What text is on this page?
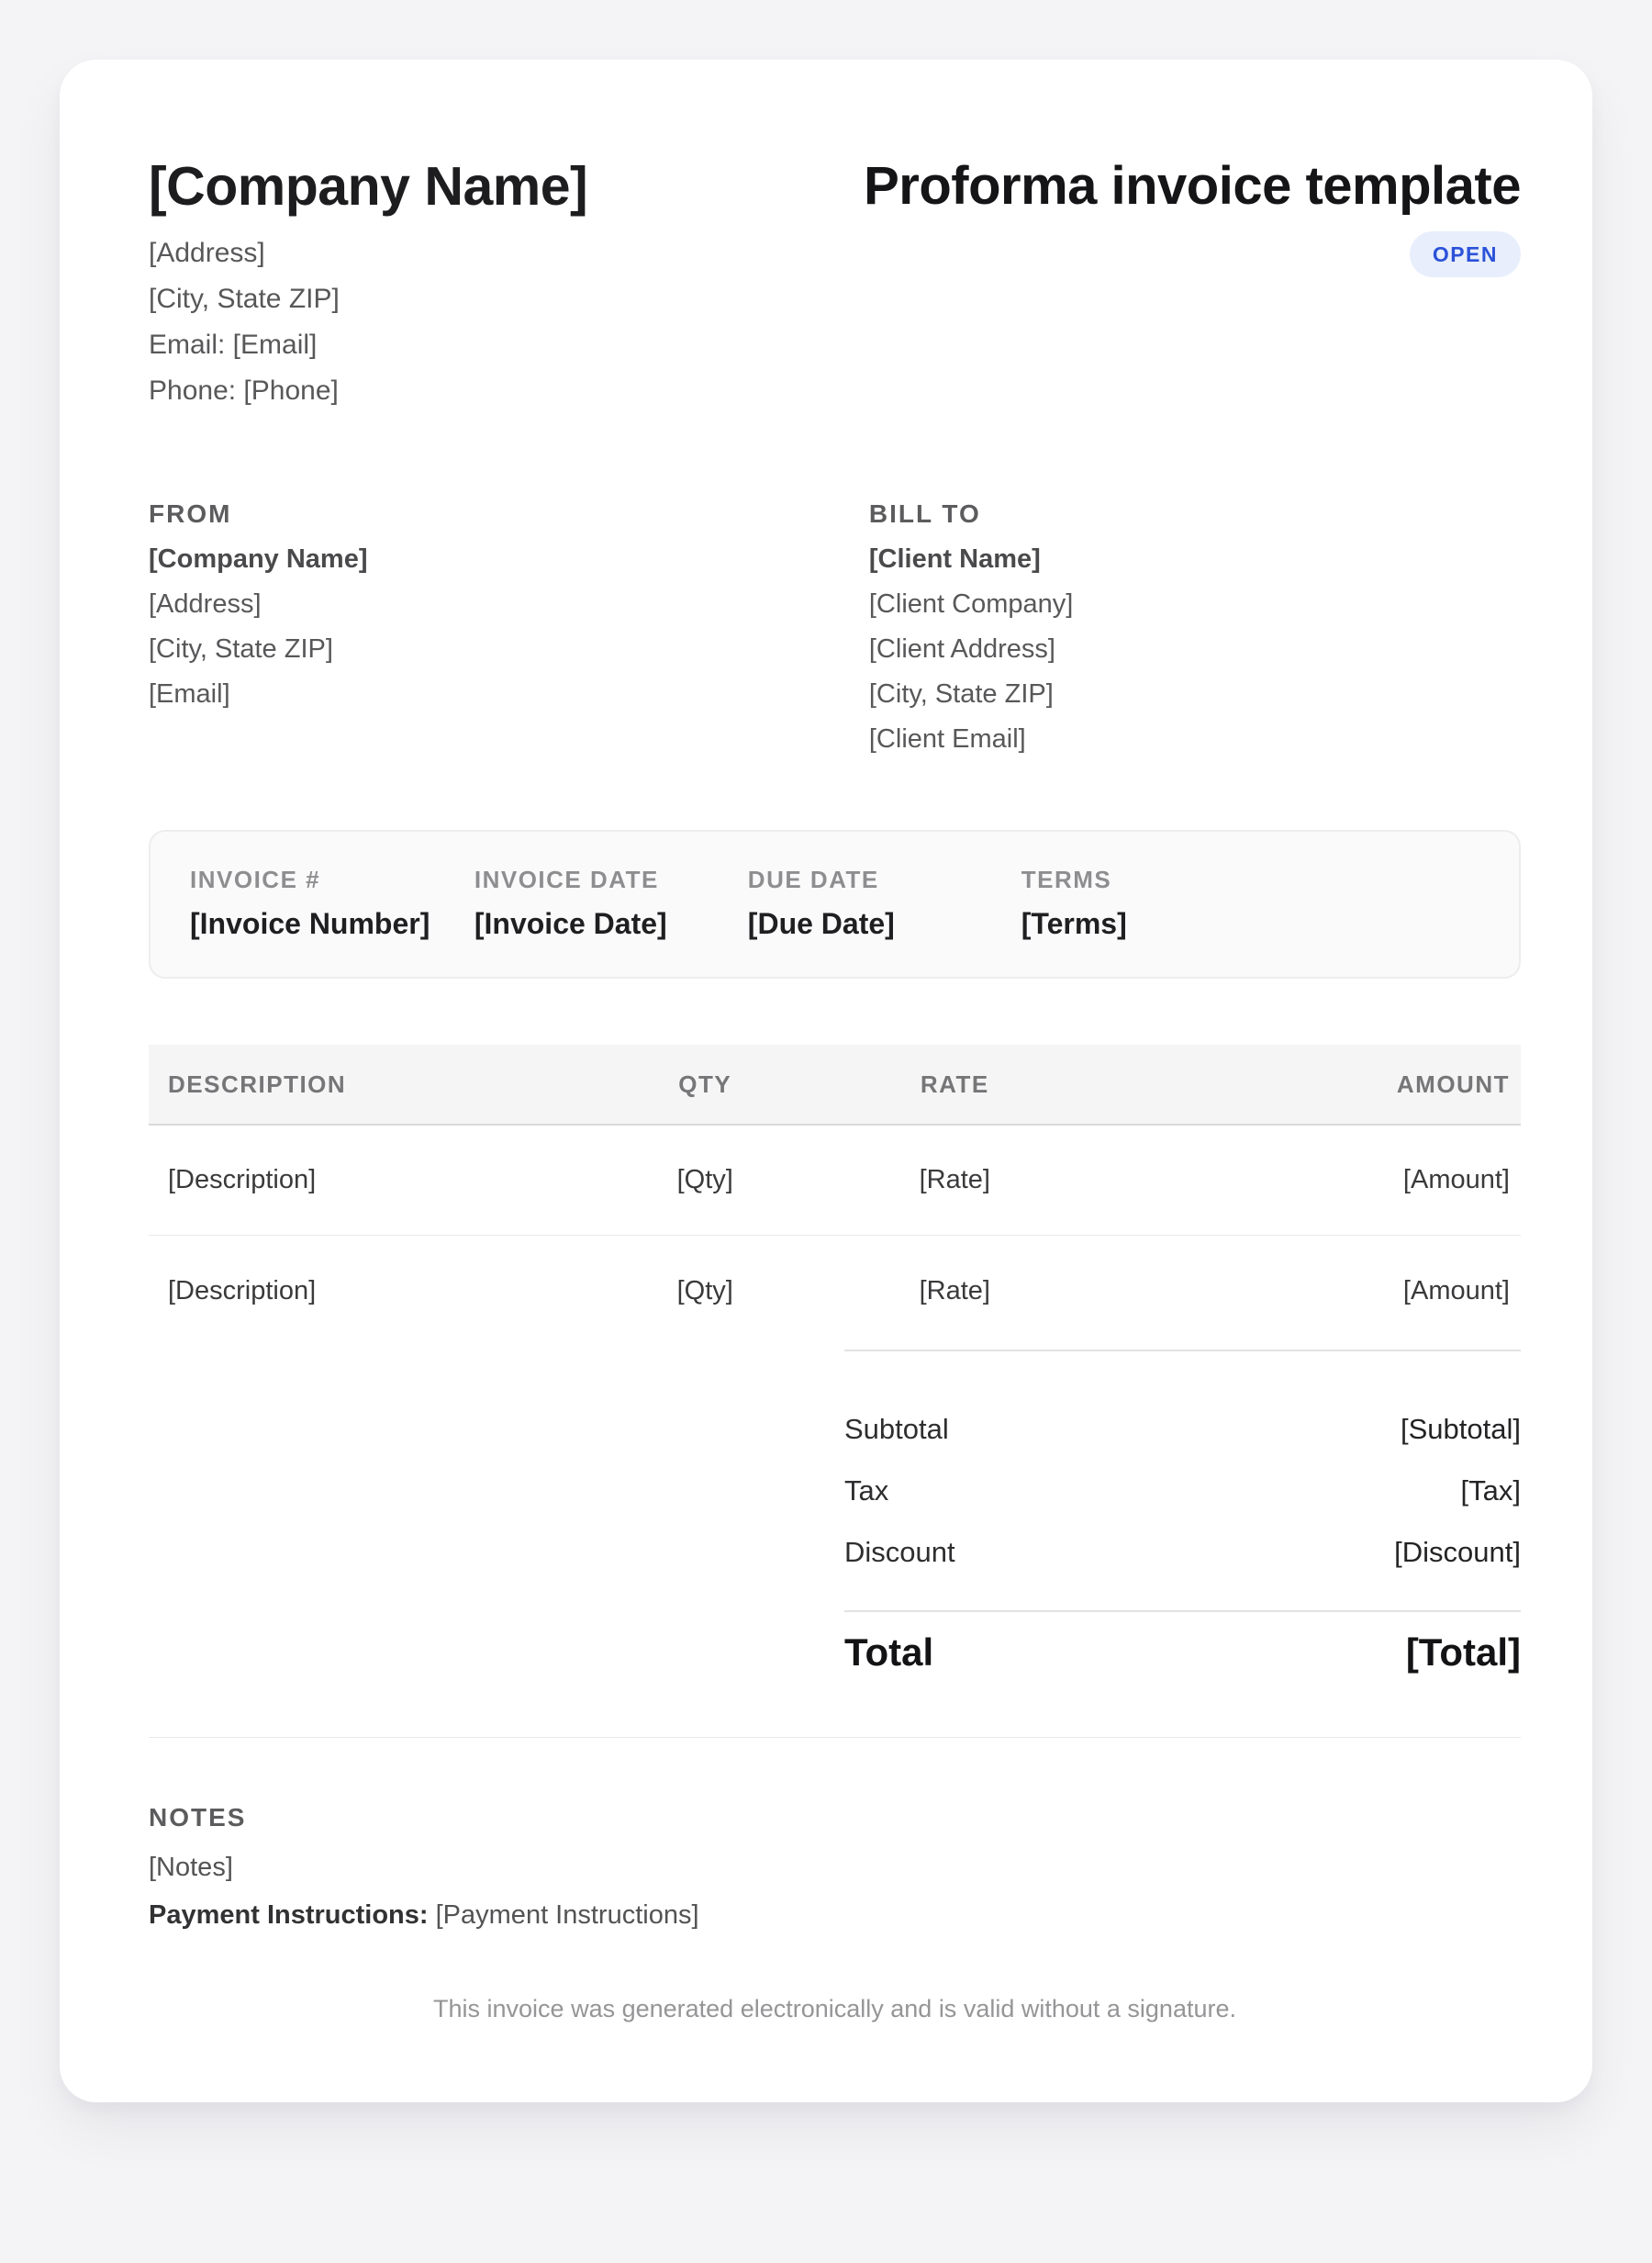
[Company Name]
[Address]
[City, State ZIP]
Email: [Email]
Phone: [Phone]
Proforma invoice template
OPEN
FROM
[Company Name]
[Address]
[City, State ZIP]
[Email]
BILL TO
[Client Name]
[Client Company]
[Client Address]
[City, State ZIP]
[Client Email]
INVOICE #
[Invoice Number]
INVOICE DATE
[Invoice Date]
DUE DATE
[Due Date]
TERMS
[Terms]
DESCRIPTION	QTY	RATE	AMOUNT
[Description]	[Qty]	[Rate]	[Amount]
[Description]	[Qty]	[Rate]	[Amount]
Subtotal	[Subtotal]
Tax	[Tax]
Discount	[Discount]
Total	[Total]
NOTES
[Notes]
Payment Instructions: [Payment Instructions]
This invoice was generated electronically and is valid without a signature.
